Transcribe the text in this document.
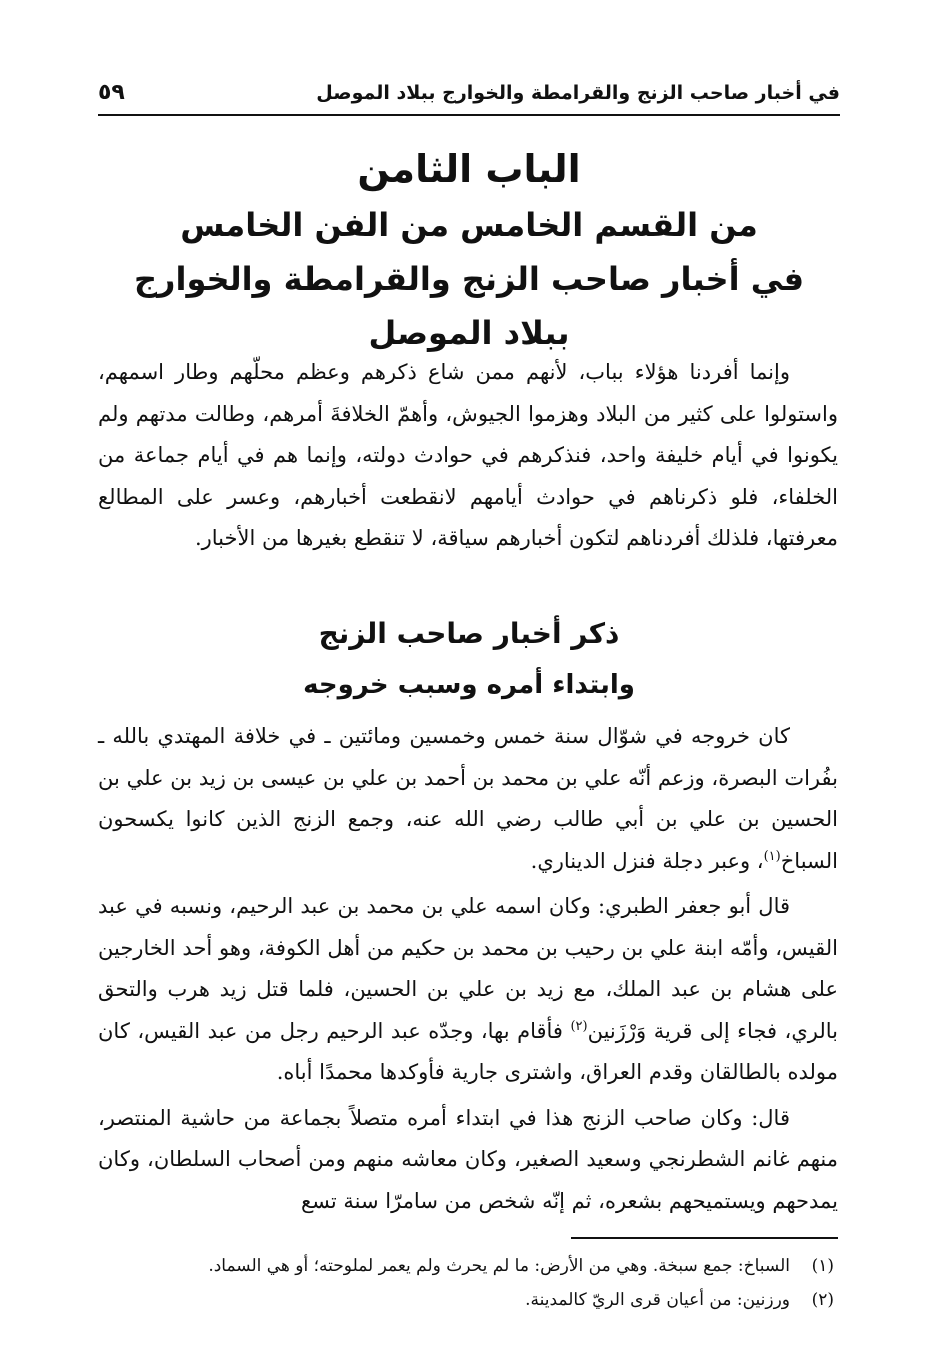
في أخبار صاحب الزنج والقرامطة والخوارج ببلاد الموصل
٥٩

الباب الثامن

من القسم الخامس من الفن الخامس

في أخبار صاحب الزنج والقرامطة والخوارج

ببلاد الموصل

وإنما أفردنا هؤلاء بباب، لأنهم ممن شاع ذكرهم وعظم محلّهم وطار اسمهم، واستولوا على كثير من البلاد وهزموا الجيوش، وأهمّ الخلافةَ أمرهم، وطالت مدتهم ولم يكونوا في أيام خليفة واحد، فنذكرهم في حوادث دولته، وإنما هم في أيام جماعة من الخلفاء، فلو ذكرناهم في حوادث أيامهم لانقطعت أخبارهم، وعسر على المطالع معرفتها، فلذلك أفردناهم لتكون أخبارهم سياقة، لا تنقطع بغيرها من الأخبار.

ذكر أخبار صاحب الزنج

وابتداء أمره وسبب خروجه

كان خروجه في شوّال سنة خمس وخمسين ومائتين ـ في خلافة المهتدي بالله ـ بفُرات البصرة، وزعم أنّه علي بن محمد بن أحمد بن علي بن عيسى بن زيد بن علي بن الحسين بن علي بن أبي طالب رضي الله عنه، وجمع الزنج الذين كانوا يكسحون السباخ$^{(١)}$، وعبر دجلة فنزل الديناري.

قال أبو جعفر الطبري: وكان اسمه علي بن محمد بن عبد الرحيم، ونسبه في عبد القيس، وأمّه ابنة علي بن رحيب بن محمد بن حكيم من أهل الكوفة، وهو أحد الخارجين على هشام بن عبد الملك، مع زيد بن علي بن الحسين، فلما قتل زيد هرب والتحق بالري، فجاء إلى قرية وَرْزَنين$^{(٢)}$ فأقام بها، وجدّه عبد الرحيم رجل من عبد القيس، كان مولده بالطالقان وقدم العراق، واشترى جارية فأوكدها محمدًا أباه.

قال: وكان صاحب الزنج هذا في ابتداء أمره متصلاً بجماعة من حاشية المنتصر، منهم غانم الشطرنجي وسعيد الصغير، وكان معاشه منهم ومن أصحاب السلطان، وكان يمدحهم ويستميحهم بشعره، ثم إنّه شخص من سامرّا سنة تسع

(١)السباخ: جمع سبخة. وهي من الأرض: ما لم يحرث ولم يعمر لملوحته؛ أو هي السماد.
(٢)ورزنين: من أعيان قرى الريّ كالمدينة.
